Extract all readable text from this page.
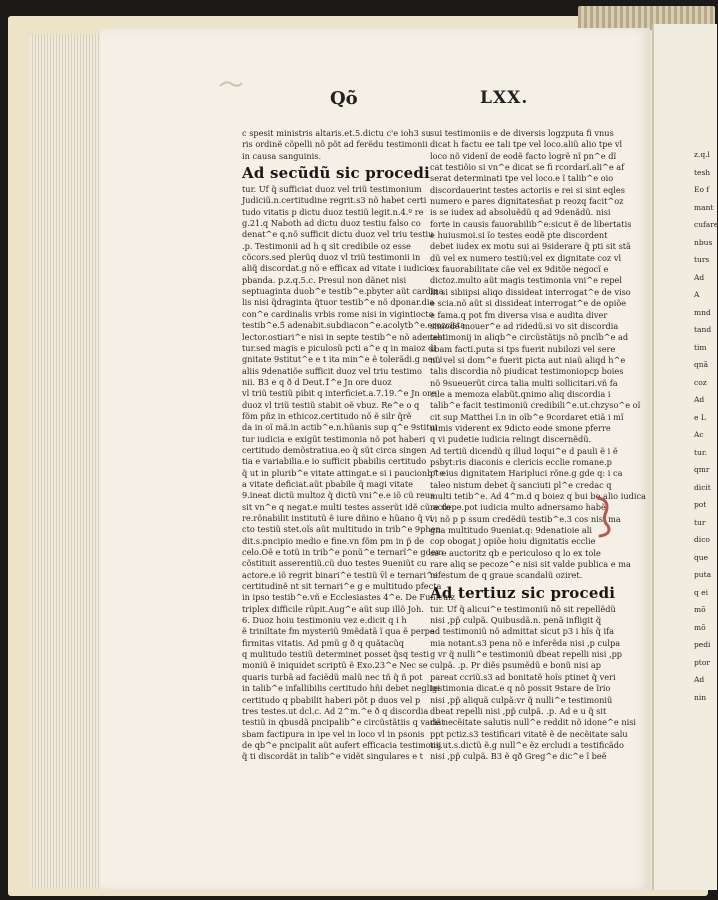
z.q.l
tesh
Eo f
mant
cufare
nbus
turs
Ad
A
mnd
tand
tim
qnã
coz
Ad
e L
Ac
tur.
qmr
dicit
pot
tur
dico
que
puta
q ei
mõ
mõ
pedi
ptor
Ad
nin
Qõ	LXX.
c spesit ministris altaris.et.5.dictu c'e ioh3 su
ris ordinë cõpelli nõ põt ad ferëdu testimonii
in causa sanguinis.
Ad secũdũ sic procedi
tur. Uf q̃ sufficiat duoz vel triũ testimonium
Judiciũ.n.certitudine regrit.s3 nõ habet certi
tudo vitatis p dictu duoz testiũ legit.n.4.º re
g.21.q Naboth ad dictu duoz testiu falso co
denat^e q.nõ sufficit dictu duoz vel triu testiu
.p. Testimonii ad h q sit credibile oz esse
cõcors.sed plerũq duoz vl triũ testimonii in
aliq̃ discordat.g nõ e efficax ad vitate i iudicio
pbanda. p.z.q.5.c. Presul non dãnet nisi
septuaginta duob^e testib^e.pbyter aũt cardina
lis nisi q̃draginta q̃tuor testib^e nõ dponar.dia
con^e cardinalis vrbis rome nisi in vigintiocto
testib^e.5̃ adenabit.subdiacon^e.acolytb^e.erozcista
lector.ostiari^e nisi in septe testib^e nõ adenabi
tur.sed magis e piculosũ pcti a^e q in maioz di
gnitate 9stitut^e e t ita min^e ẽ tolerãdi.g nec i
aliis 9denatiõe sufficit duoz vel triu testimo
nii. B3 e q ð d Deut.1̃^e Jn ore duoz
vl triũ testiũ pibit q interficiet.a.7.19.^e Jn ore
duoz vl triũ testiũ stabit oẽ vbuz. Re^e o q
fõm pñz in ethicoz.certitudo nõ ẽ silr q̃rẽ
da in oĩ mã.in actib^e.n.hũanis sup q^e 9stitui
tur iudicia e exigũt testimonia nõ pot haberi
certitudo demõstratiua.eo q̃ sũt circa singen
tia e variabilia.e io sufficit pbabilis certitudo
q̃ ut in plurib^e vitate attingat.e si i paucionb^e
a vitate deficiat.aũt pbabile q̃ magi vitate
9.ineat dictũ multoz q̃ dictũ vni^e.e iõ cũ reus
sit vn^e q negat.e multi testes asserũt idẽ cũ acto
re.rõnabilit institutũ ẽ iure dñino e hũano q̃ vi
cto testiũ stet.oĩs aũt multitudo in trib^e 9phen
dit.s.pncipio medio e fine.vn fõm pm in p̃ de
celo.Oẽ e totũ in trib^e ponũ^e ternarĩ^e gdem
cõstituit asserentiũ.cũ duo testes 9ueniũt cu
actore.e iõ regrit binari^e testiũ v̄l e ternari^e
certitudinẽ nt sit ternari^e g e multitudo pfecta
in ipso testib^e.vñ e Ecclesiastes 4^e. De Funiculz
triplex difficile rũpit.Aug^e aũt sup illõ Joh.
6. Duoz hoiu testimoniu vez e.dicit q i h
ẽ triniltate fm mysteriũ 9mẽdatã ĩ qua ẽ perpe
firmitas vitatis. Ad pmũ g ð q quãtacũq
q mulitudo testiũ determinet posset q̃sq testi
moniũ ẽ iniquidet scriptũ ẽ Exo.23^e Nec se
quaris turbã ad faciẽdũ malũ nec tñ q̃ ñ pot
in talib^e infallibilis certitudo hñi debet negligi
certitudo q pbabilit haberi põt p duos vel p
tres testes.ut dcl.c. Ad 2^m.^e ð q discordia
testiũ in qbusdã pncipalib^e circũstãtiis q variãt
sbam factipura in ipe vel in loco vl in psonis
de qb^e pncipalit aũt aufert efficacia testimonij
q̃ ti discordãt in talib^e vidẽt singulares e t
sui testimoniis e de diversis logzputa fi vnus
dicat h factu ee tali tpe vel loco.aliũ alio tpe vl
loco nõ videnĩ de eodẽ facto logrẽ nĩ pn^e dĩ
cat testiõio si vn^e dicat se fi rcordarĩ.ali^e af
serat determinati tpe vel loco.e ĩ talib^e oio
discordauerint testes actoriis e rei si sint eqles
numero e pares dignitatesñat p reozq facit^oz
is se iudex ad absoluẽdũ q ad 9denãdũ. nisi
forte in causis fauorabilib^e:sicut ẽ de libertatis
e huiusmoi.si ĩo testes eodẽ pte discordent
debet iudex ex motu sui ai 9siderare q̃ pti sit stã
dũ vel ex numero testiũ:vel ex dignitate coz vl
ex fauorabilitate cãe vel ex 9ditõe negocĩ e
dictoz.multo aũt magis testimonia vni^e repel
lit si sibiipsi aliqo dissideat interrogat^e de viso
e scia.nõ aũt si dissideat interrogat^e de opiõe
e fama.q pot fm diversa visa e audita diver
simode mouer^e ad ridedũ.si vo sit discordia
testimonij in aliqb^e circũstãtijs nõ pncĩb^e ad
sbam facti.puta si tps fuerit nubilozi vel sere
nũ vel si dom^e fuerit picta aut niaũ aliqd h^e
talis discordia nõ piudicat testimoniopcp boies
nõ 9sueuerũt circa talia multi sollicitari.vñ fa
cile a memoza elabũt.qnimo aliq discordia i
talib^e facit testimoniũ credibili^e.ut.chzyso^e oĩ
cit sup Matthei ĩ.n in oĩb^e 9cordaret etiã i mĩ
nimis viderent ex 9dicto eode smone pferre
q vi pudetie iudicia relingt discernẽdũ.
Ad tertiũ dicendũ q illud loqui^e d pauli ẽ i ẽ
psbyt:ris diaconis e clericis ecclie romane.p
pt eius dignitatem Haripluci rõne.g gde q: i ca
taleo nistum debet q̃ sanciuti pl^e credac q
multi tetib^e. Ad 4^m.d q boiez q bui be alio iudica
re depe.pot iudicia multo adnersamo habẽ
vi nõ p p ssum credẽdũ testib^e.3 cos nisi ma
gna multitudo 9ueniat.q: 9denatioie ali
cop obogat j opiõe hoiu dignitatis ecclie
se e auctoritz qb e periculoso q lo ex tole
rare aliq se pecoze^e nisi sit valde publica e ma
nifestum de q graue scandalũ oziret.
Ad tertiuz sic procedi
tur. Uf q̃ alicui^e testimoniũ nõ sit repellẽdũ
nisi ,pp̃ culpã. Quibusdã.n. penã infligit q̃
ad testimoniũ nõ admittat sicut p3 i hĩs q̃ ifa
mia notant.s3 pena nõ e inferẽda nisi ,p culpa
g vr q̃ nulli^e testimoniũ dbeat repelli nisi ,pp
culpã. .p. Pr diẽs psumẽdũ e bonũ nisi ap
pareat ccriũ.s3 ad bonitatẽ hoĩs ptinet q̃ veri
testimonia dicat.e q nõ possit 9stare de ĩrio
nisi ,pp̃ aliquã culpã:vr q̃ nulli^e testimoniũ
dbeat repelli nisi ,pp̃ culpã. .p. Ad e u q̃ sit
de necẽitate salutis null^e reddit nõ idone^e nisi
ppt pctiz.s3 testificari vitatẽ ẽ de necẽitate salu
tis.ut.s.dictũ ẽ.g null^e ẽz ercludi a testificãdo
nisi ,pp̃ culpã. B3 ẽ qð Greg^e dic^e ĩ beẽ
